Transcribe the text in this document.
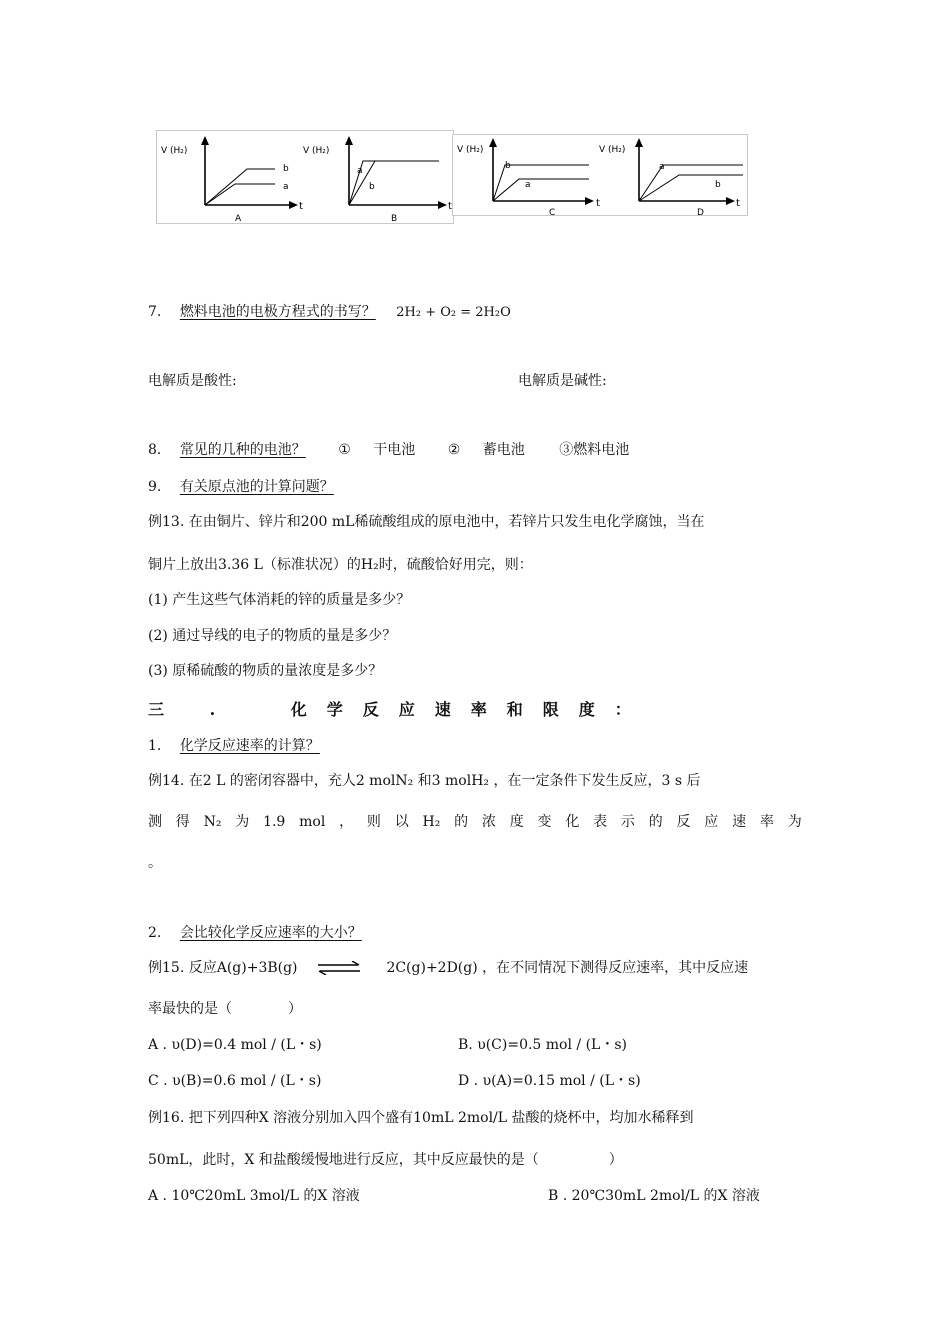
V (H₂)
t
b
a
A
V (H₂)
t
a
b
B
V (H₂)
t
b
a
C
V (H₂)
t
a
b
D
7. 燃料电池的电极方程式的书写？ 2H₂ + O₂ = 2H₂O
电解质是酸性:	电解质是碱性:
8. 常见的几种的电池？ ① 干电池 ② 蓄电池 ③燃料电池
9. 有关原点池的计算问题？
例13. 在由铜片、锌片和200 mL稀硫酸组成的原电池中，若锌片只发生电化学腐蚀，当在
铜片上放出3.36 L（标准状况）的H₂时，硫酸恰好用完，则：
(1) 产生这些气体消耗的锌的质量是多少？
(2) 通过导线的电子的物质的量是多少？
(3) 原稀硫酸的物质的量浓度是多少？
三 .	化学反应速率和限度：
1. 化学反应速率的计算？
例14. 在2 L 的密闭容器中，充人2 molN₂ 和3 molH₂ ，在一定条件下发生反应，3 s 后
测 得 N₂ 为 1.9 mol ， 则 以 H₂ 的 浓 度 变 化 表 示 的 反 应 速 率 为
。
2. 会比较化学反应速率的大小？
例15. 反应A(g)+3B(g) ⇌ 2C(g)+2D(g) ，在不同情况下测得反应速率，其中反应速
率最快的是（　　　　）
A . υ(D)=0.4 mol / (L・s)	B. υ(C)=0.5 mol / (L・s)
C . υ(B)=0.6 mol / (L・s)	D . υ(A)=0.15 mol / (L・s)
例16. 把下列四种X 溶液分别加入四个盛有10mL 2mol/L 盐酸的烧杯中，均加水稀释到
50mL，此时，X 和盐酸缓慢地进行反应，其中反应最快的是（　　　　　）
A . 10℃20mL 3mol/L 的X 溶液	B . 20℃30mL 2mol/L 的X 溶液
